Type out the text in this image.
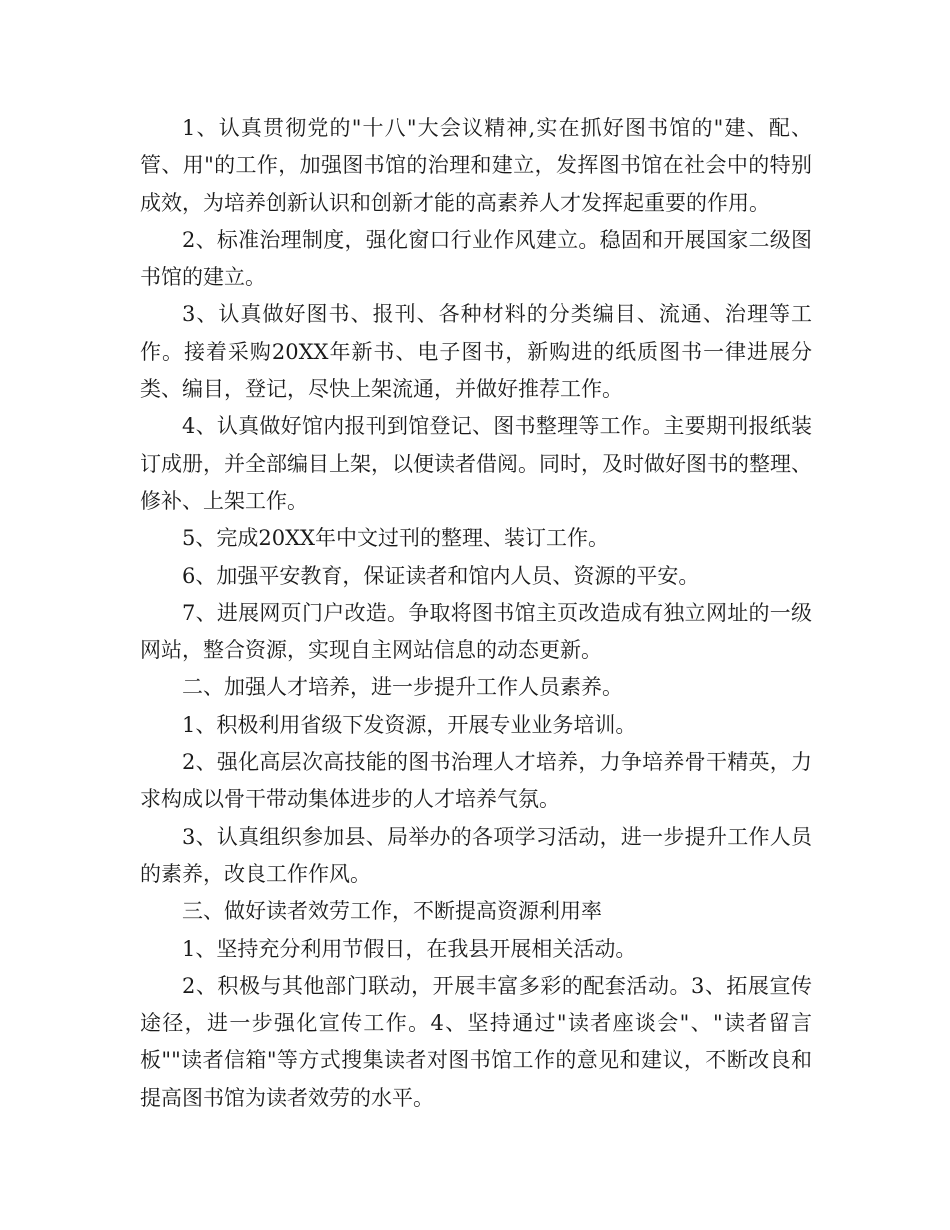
1、认真贯彻党的"十八"大会议精神,实在抓好图书馆的"建、配、管、用"的工作，加强图书馆的治理和建立，发挥图书馆在社会中的特别成效，为培养创新认识和创新才能的高素养人才发挥起重要的作用。

2、标准治理制度，强化窗口行业作风建立。稳固和开展国家二级图书馆的建立。

3、认真做好图书、报刊、各种材料的分类编目、流通、治理等工作。接着采购20XX年新书、电子图书，新购进的纸质图书一律进展分类、编目，登记，尽快上架流通，并做好推荐工作。

4、认真做好馆内报刊到馆登记、图书整理等工作。主要期刊报纸装订成册，并全部编目上架，以便读者借阅。同时，及时做好图书的整理、修补、上架工作。

5、完成20XX年中文过刊的整理、装订工作。

6、加强平安教育，保证读者和馆内人员、资源的平安。

7、进展网页门户改造。争取将图书馆主页改造成有独立网址的一级网站，整合资源，实现自主网站信息的动态更新。

二、加强人才培养，进一步提升工作人员素养。

1、积极利用省级下发资源，开展专业业务培训。

2、强化高层次高技能的图书治理人才培养，力争培养骨干精英，力求构成以骨干带动集体进步的人才培养气氛。

3、认真组织参加县、局举办的各项学习活动，进一步提升工作人员的素养，改良工作作风。

三、做好读者效劳工作，不断提高资源利用率

1、坚持充分利用节假日，在我县开展相关活动。

2、积极与其他部门联动，开展丰富多彩的配套活动。3、拓展宣传途径，进一步强化宣传工作。4、坚持通过"读者座谈会"、"读者留言板""读者信箱"等方式搜集读者对图书馆工作的意见和建议，不断改良和提高图书馆为读者效劳的水平。
